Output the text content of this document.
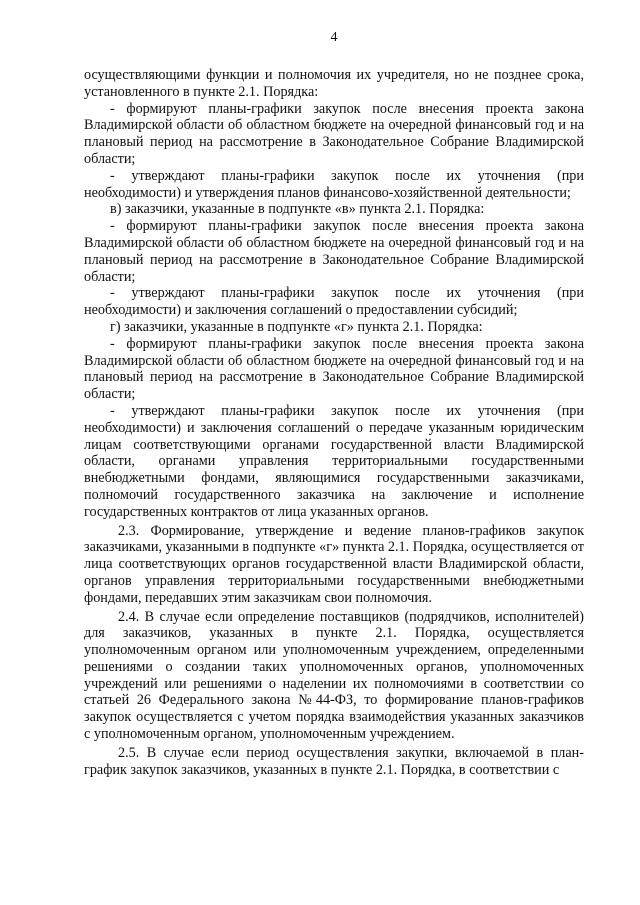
4

осуществляющими функции и полномочия их учредителя, но не позднее срока, установленного в пункте 2.1. Порядка:

- формируют планы-графики закупок после внесения проекта закона Владимирской области об областном бюджете на очередной финансовый год и на плановый период на рассмотрение в Законодательное Собрание Владимирской области;

- утверждают планы-графики закупок после их уточнения (при необходимости) и утверждения планов финансово-хозяйственной деятельности;

в) заказчики, указанные в подпункте «в» пункта 2.1. Порядка:

- формируют планы-графики закупок после внесения проекта закона Владимирской области об областном бюджете на очередной финансовый год и на плановый период на рассмотрение в Законодательное Собрание Владимирской области;

- утверждают планы-графики закупок после их уточнения (при необходимости) и заключения соглашений о предоставлении субсидий;

г) заказчики, указанные в подпункте «г» пункта 2.1. Порядка:

- формируют планы-графики закупок после внесения проекта закона Владимирской области об областном бюджете на очередной финансовый год и на плановый период на рассмотрение в Законодательное Собрание Владимирской области;

- утверждают планы-графики закупок после их уточнения (при необходимости) и заключения соглашений о передаче указанным юридическим лицам соответствующими органами государственной власти Владимирской области, органами управления территориальными государственными внебюджетными фондами, являющимися государственными заказчиками, полномочий государственного заказчика на заключение и исполнение государственных контрактов от лица указанных органов.

2.3. Формирование, утверждение и ведение планов-графиков закупок заказчиками, указанными в подпункте «г» пункта 2.1. Порядка, осуществляется от лица соответствующих органов государственной власти Владимирской области, органов управления территориальными государственными внебюджетными фондами, передавших этим заказчикам свои полномочия.

2.4. В случае если определение поставщиков (подрядчиков, исполнителей) для заказчиков, указанных в пункте 2.1. Порядка, осуществляется уполномоченным органом или уполномоченным учреждением, определенными решениями о создании таких уполномоченных органов, уполномоченных учреждений или решениями о наделении их полномочиями в соответствии со статьей 26 Федерального закона №44-ФЗ, то формирование планов-графиков закупок осуществляется с учетом порядка взаимодействия указанных заказчиков с уполномоченным органом, уполномоченным учреждением.

2.5. В случае если период осуществления закупки, включаемой в план-график закупок заказчиков, указанных в пункте 2.1. Порядка, в соответствии с
